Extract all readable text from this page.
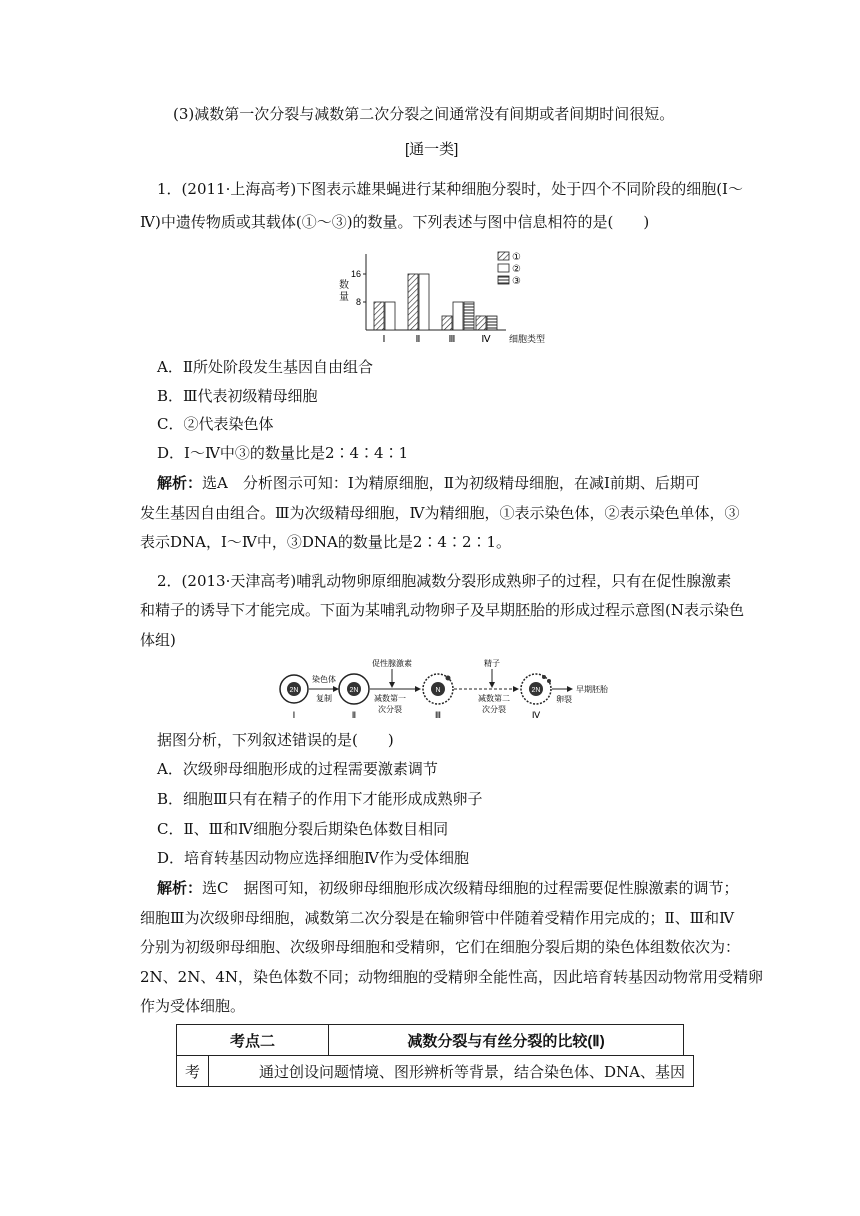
(3)减数第一次分裂与减数第二次分裂之间通常没有间期或者间期时间很短。
[通一类]
1．(2011·上海高考)下图表示雄果蝇进行某种细胞分裂时，处于四个不同阶段的细胞(Ⅰ～
Ⅳ)中遗传物质或其载体(①～③)的数量。下列表述与图中信息相符的是(　　)
16
8
数
量
Ⅰ	Ⅱ	Ⅲ	Ⅳ 细胞类型
①
②
③
A．Ⅱ所处阶段发生基因自由组合
B．Ⅲ代表初级精母细胞
C．②代表染色体
D．Ⅰ～Ⅳ中③的数量比是2∶4∶4∶1
解析：选A　分析图示可知：Ⅰ为精原细胞，Ⅱ为初级精母细胞，在减Ⅰ前期、后期可
发生基因自由组合。Ⅲ为次级精母细胞，Ⅳ为精细胞，①表示染色体，②表示染色单体，③
表示DNA，Ⅰ～Ⅳ中，③DNA的数量比是2∶4∶2∶1。
2．(2013·天津高考)哺乳动物卵原细胞减数分裂形成熟卵子的过程，只有在促性腺激素
和精子的诱导下才能完成。下面为某哺乳动物卵子及早期胚胎的形成过程示意图(N表示染色
体组)
2N
Ⅰ
染色体
复制
2N
Ⅱ
促性腺激素
减数第一
次分裂
N
Ⅲ
精子
减数第二
次分裂
2N
Ⅳ
早期胚胎
卵裂
据图分析，下列叙述错误的是(　　)
A．次级卵母细胞形成的过程需要激素调节
B．细胞Ⅲ只有在精子的作用下才能形成成熟卵子
C．Ⅱ、Ⅲ和Ⅳ细胞分裂后期染色体数目相同
D．培育转基因动物应选择细胞Ⅳ作为受体细胞
解析：选C　据图可知，初级卵母细胞形成次级精母细胞的过程需要促性腺激素的调节；
细胞Ⅲ为次级卵母细胞，减数第二次分裂是在输卵管中伴随着受精作用完成的；Ⅱ、Ⅲ和Ⅳ
分别为初级卵母细胞、次级卵母细胞和受精卵，它们在细胞分裂后期的染色体组数依次为：
2N、2N、4N，染色体数不同；动物细胞的受精卵全能性高，因此培育转基因动物常用受精卵
作为受体细胞。
考点二	减数分裂与有丝分裂的比较(Ⅱ)
考	通过创设问题情境、图形辨析等背景，结合染色体、DNA、基因
